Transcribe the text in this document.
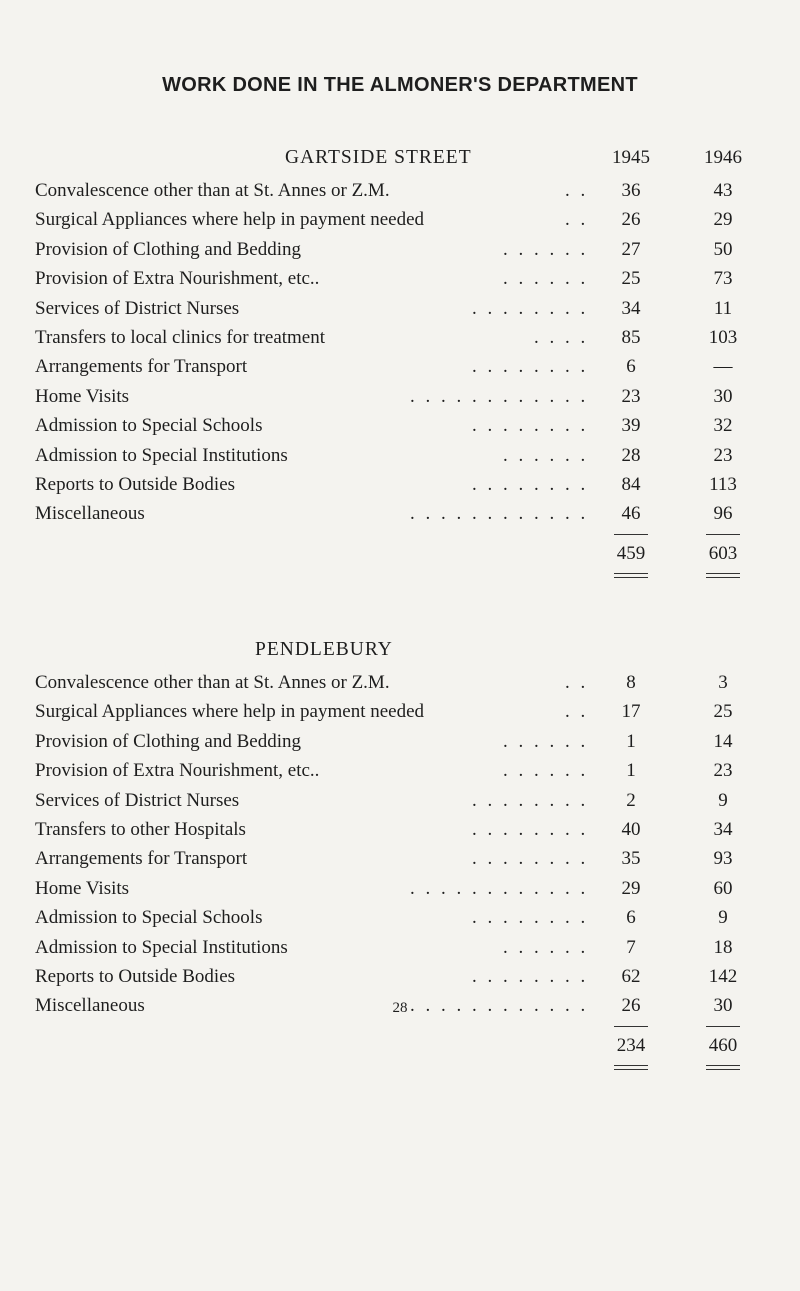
WORK DONE IN THE ALMONER'S DEPARTMENT
GARTSIDE STREET	1945	1946
Convalescence other than at St. Annes or Z.M.	. .	36	43
Surgical Appliances where help in payment needed	. .	26	29
Provision of Clothing and Bedding	. . . . . .	27	50
Provision of Extra Nourishment, etc..	. . . . . .	25	73
Services of District Nurses	. . . . . . . .	34	11
Transfers to local clinics for treatment	. . . .	85	103
Arrangements for Transport	. . . . . . . .	6	—
Home Visits	. . . . . . . . . . . .	23	30
Admission to Special Schools	. . . . . . . .	39	32
Admission to Special Institutions	. . . . . .	28	23
Reports to Outside Bodies	. . . . . . . .	84	113
Miscellaneous	. . . . . . . . . . . .	46	96
459	603
PENDLEBURY
Convalescence other than at St. Annes or Z.M.	. .	8	3
Surgical Appliances where help in payment needed	. .	17	25
Provision of Clothing and Bedding	. . . . . .	1	14
Provision of Extra Nourishment, etc..	. . . . . .	1	23
Services of District Nurses	. . . . . . . .	2	9
Transfers to other Hospitals	. . . . . . . .	40	34
Arrangements for Transport	. . . . . . . .	35	93
Home Visits	. . . . . . . . . . . .	29	60
Admission to Special Schools	. . . . . . . .	6	9
Admission to Special Institutions	. . . . . .	7	18
Reports to Outside Bodies	. . . . . . . .	62	142
Miscellaneous	. . . . . . . . . . . .	26	30
234	460
28
